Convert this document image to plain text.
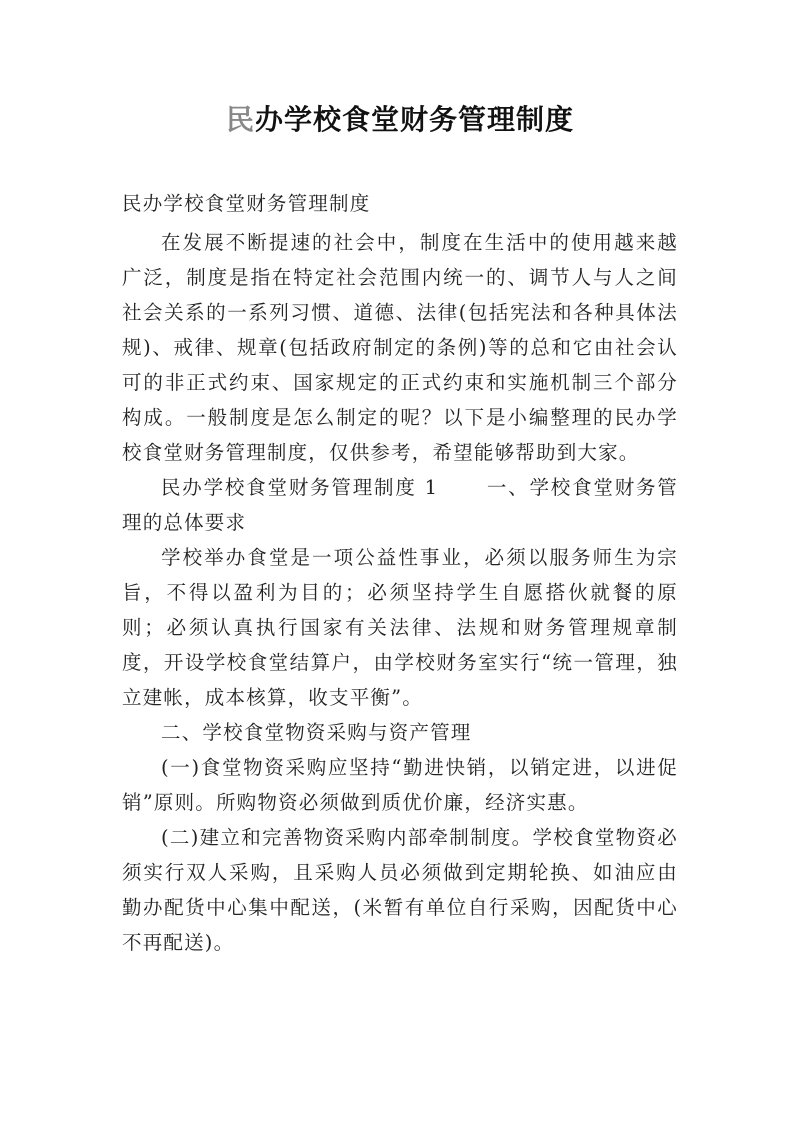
民办学校食堂财务管理制度

民办学校食堂财务管理制度

在发展不断提速的社会中，制度在生活中的使用越来越广泛，制度是指在特定社会范围内统一的、调节人与人之间社会关系的一系列习惯、道德、法律(包括宪法和各种具体法规)、戒律、规章(包括政府制定的条例)等的总和它由社会认可的非正式约束、国家规定的正式约束和实施机制三个部分构成。一般制度是怎么制定的呢？以下是小编整理的民办学校食堂财务管理制度，仅供参考，希望能够帮助到大家。

民办学校食堂财务管理制度 1 一、学校食堂财务管理的总体要求

学校举办食堂是一项公益性事业，必须以服务师生为宗旨，不得以盈利为目的；必须坚持学生自愿搭伙就餐的原则；必须认真执行国家有关法律、法规和财务管理规章制度，开设学校食堂结算户，由学校财务室实行“统一管理，独立建帐，成本核算，收支平衡”。

二、学校食堂物资采购与资产管理

(一)食堂物资采购应坚持“勤进快销，以销定进，以进促销”原则。所购物资必须做到质优价廉，经济实惠。

(二)建立和完善物资采购内部牵制制度。学校食堂物资必须实行双人采购，且采购人员必须做到定期轮换、如油应由勤办配货中心集中配送，(米暂有单位自行采购，因配货中心不再配送)。
